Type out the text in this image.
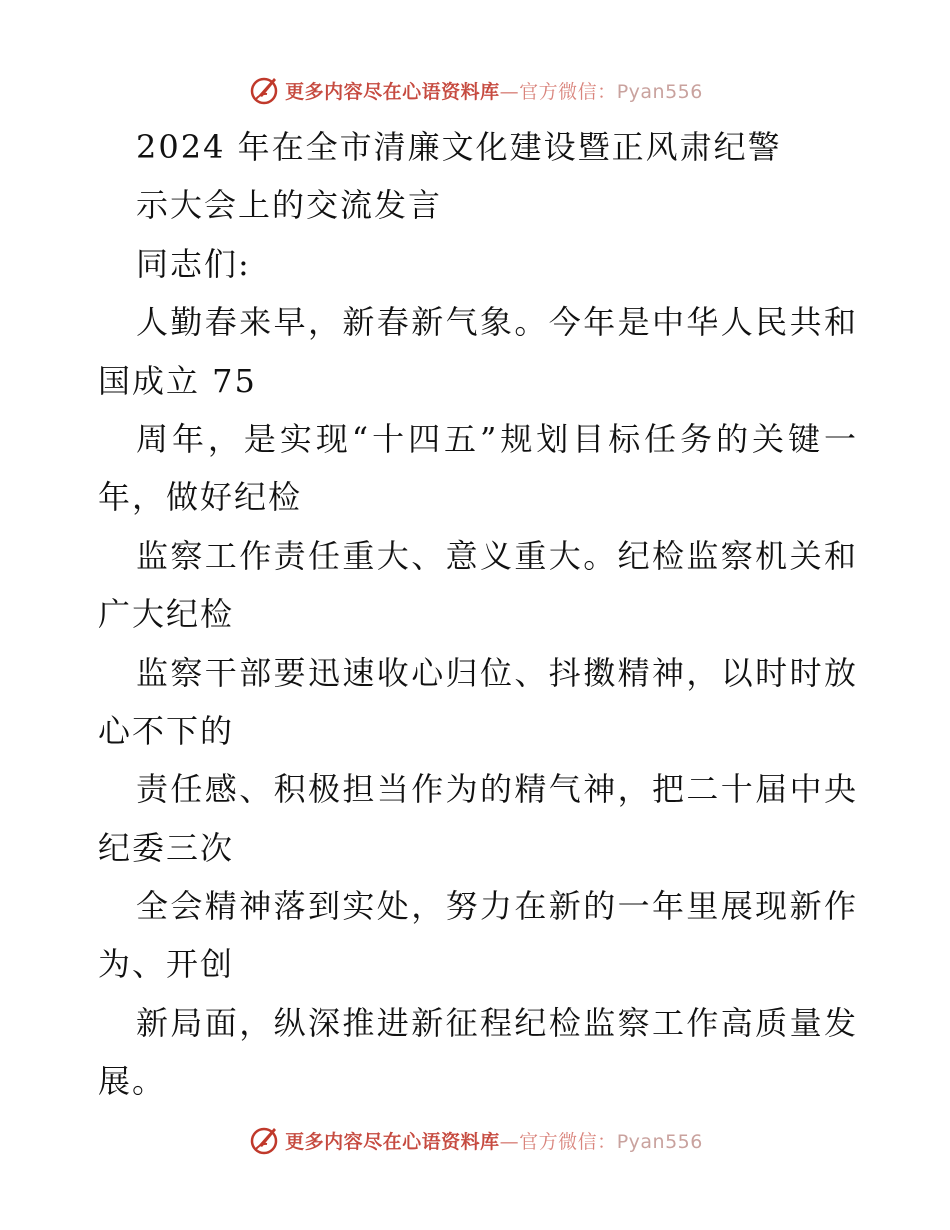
更多内容尽在心语资料库—官方微信：Pyan556
2024 年在全市清廉文化建设暨正风肃纪警
示大会上的交流发言
同志们:
人勤春来早，新春新气象。今年是中华人民共和
国成立 75
周年，是实现“十四五”规划目标任务的关键一
年，做好纪检
监察工作责任重大、意义重大。纪检监察机关和
广大纪检
监察干部要迅速收心归位、抖擞精神，以时时放
心不下的
责任感、积极担当作为的精气神，把二十届中央
纪委三次
全会精神落到实处，努力在新的一年里展现新作
为、开创
新局面，纵深推进新征程纪检监察工作高质量发
展。
更多内容尽在心语资料库—官方微信：Pyan556
